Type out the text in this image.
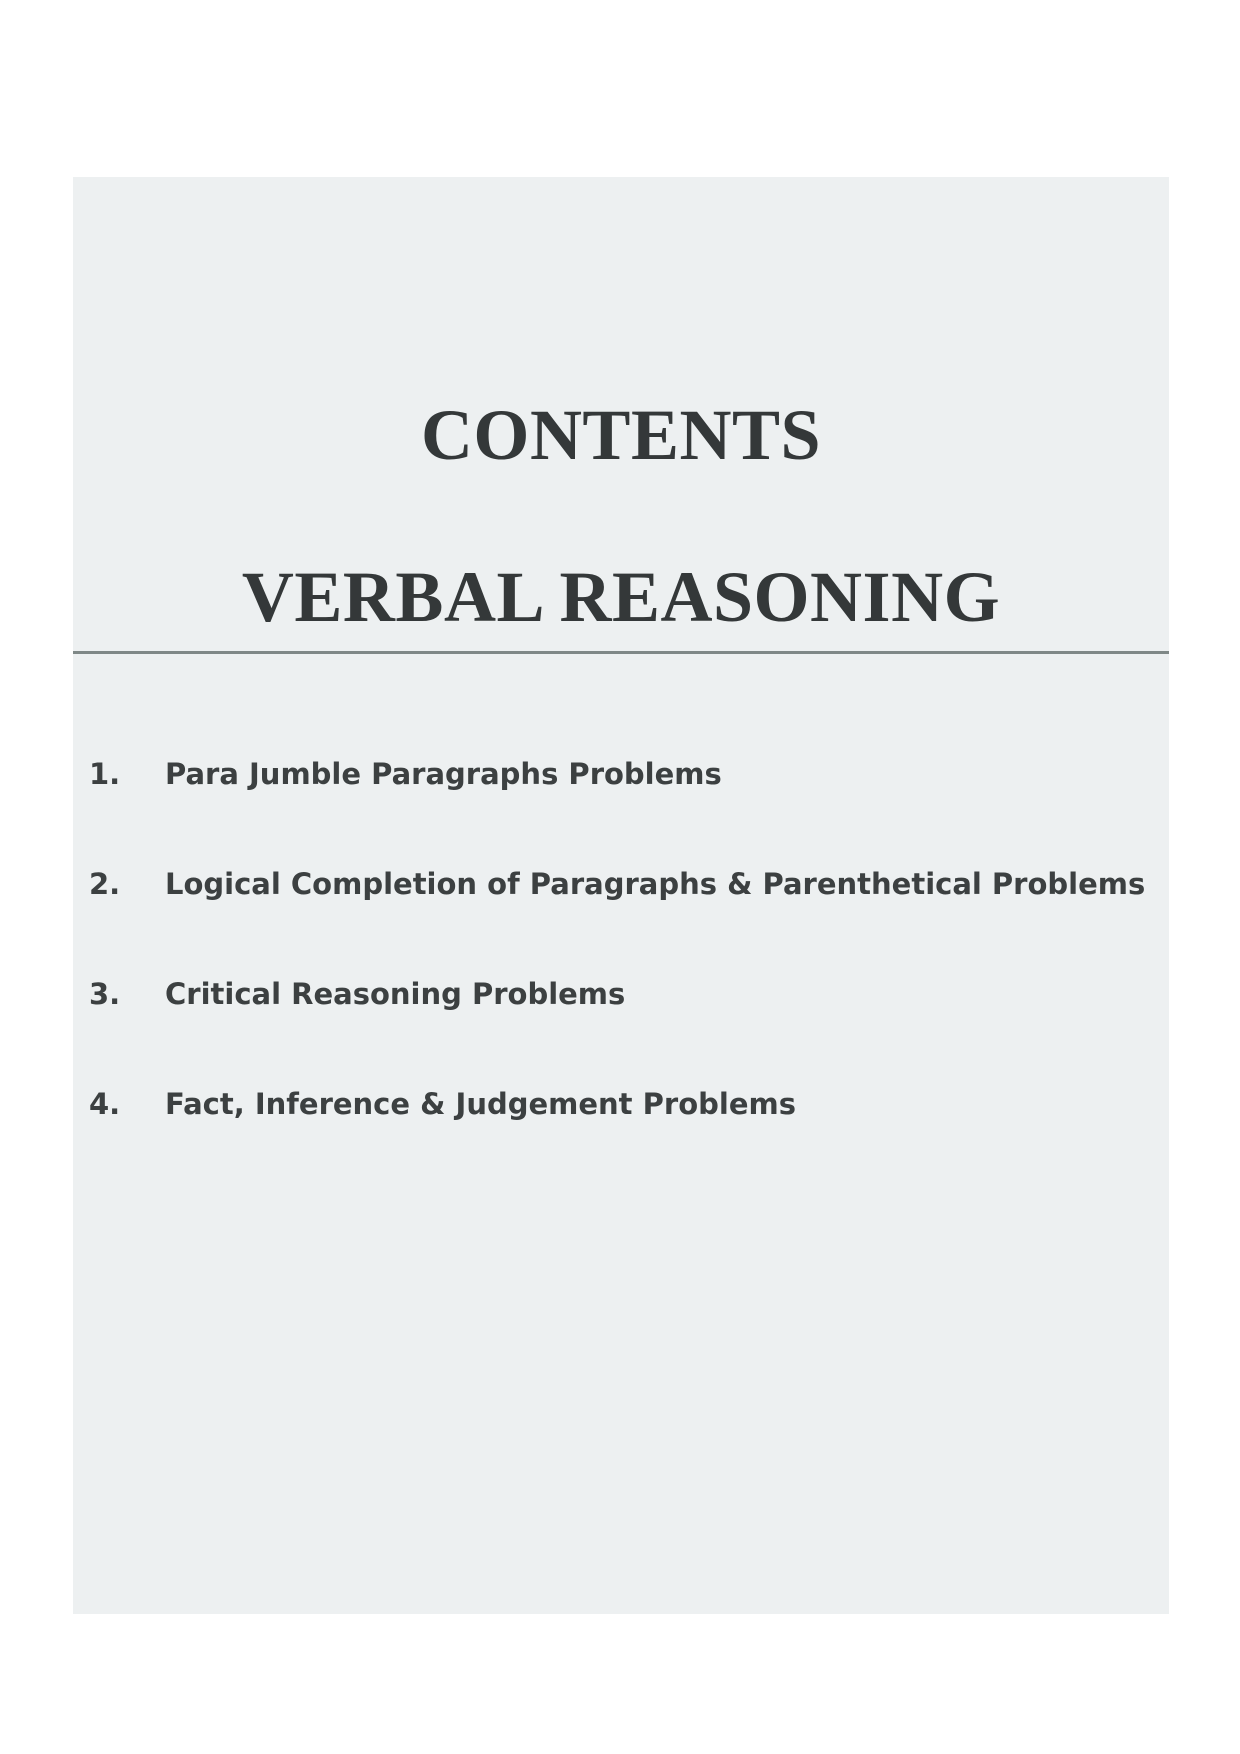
CONTENTS
VERBAL REASONING
1. Para Jumble Paragraphs Problems
2. Logical Completion of Paragraphs & Parenthetical Problems
3. Critical Reasoning Problems
4. Fact, Inference & Judgement Problems
